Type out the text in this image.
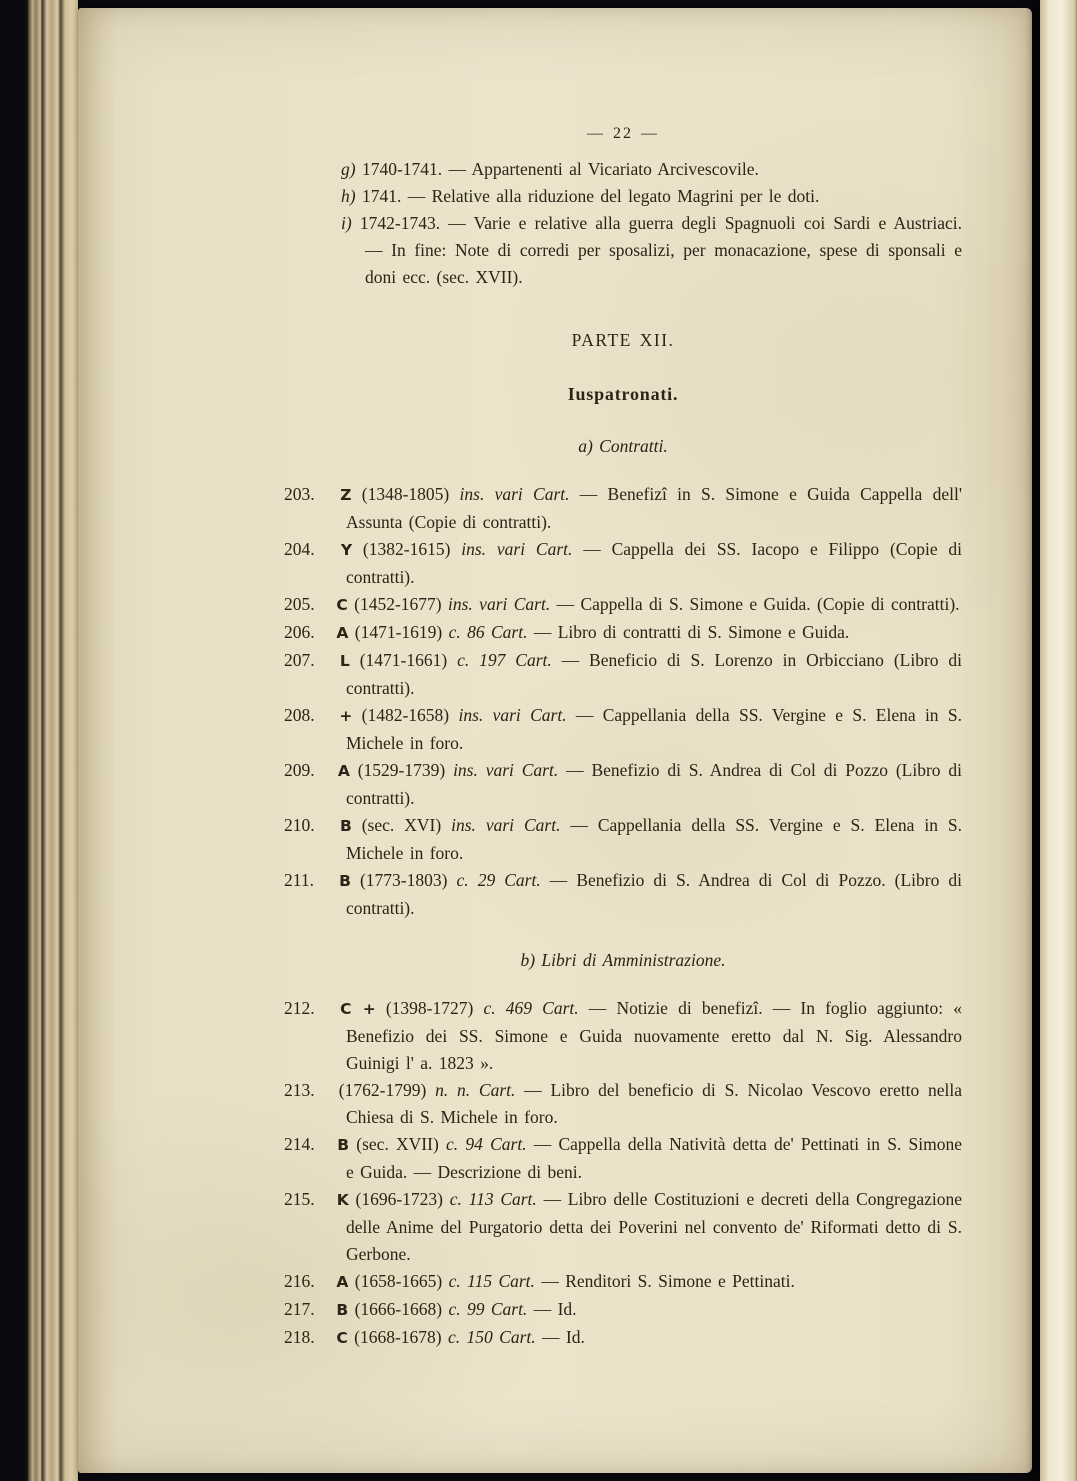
— 22 —
g) 1740-1741. — Appartenenti al Vicariato Arcivescovile.
h) 1741. — Relative alla riduzione del legato Magrini per le doti.
i) 1742-1743. — Varie e relative alla guerra degli Spagnuoli coi Sardi e Austriaci. — In fine: Note di corredi per sposalizi, per monacazione, spese di sponsali e doni ecc. (sec. XVII).
PARTE XII.
Iuspatronati.
a) Contratti.
203. Z (1348-1805) ins. vari Cart. — Benefizî in S. Simone e Guida Cappella dell' Assunta (Copie di contratti).
204. Y (1382-1615) ins. vari Cart. — Cappella dei SS. Iacopo e Filippo (Copie di contratti).
205. C (1452-1677) ins. vari Cart. — Cappella di S. Simone e Guida. (Copie di contratti).
206. A (1471-1619) c. 86 Cart. — Libro di contratti di S. Simone e Guida.
207. L (1471-1661) c. 197 Cart. — Beneficio di S. Lorenzo in Orbicciano (Libro di contratti).
208. + (1482-1658) ins. vari Cart. — Cappellania della SS. Vergine e S. Elena in S. Michele in foro.
209. A (1529-1739) ins. vari Cart. — Benefizio di S. Andrea di Col di Pozzo (Libro di contratti).
210. B (sec. XVI) ins. vari Cart. — Cappellania della SS. Vergine e S. Elena in S. Michele in foro.
211. B (1773-1803) c. 29 Cart. — Benefizio di S. Andrea di Col di Pozzo. (Libro di contratti).
b) Libri di Amministrazione.
212. C + (1398-1727) c. 469 Cart. — Notizie di benefizî. — In foglio aggiunto: « Benefizio dei SS. Simone e Guida nuovamente eretto dal N. Sig. Alessandro Guinigi l' a. 1823 ».
213. (1762-1799) n. n. Cart. — Libro del beneficio di S. Nicolao Vescovo eretto nella Chiesa di S. Michele in foro.
214. B (sec. XVII) c. 94 Cart. — Cappella della Natività detta de' Pettinati in S. Simone e Guida. — Descrizione di beni.
215. K (1696-1723) c. 113 Cart. — Libro delle Costituzioni e decreti della Congregazione delle Anime del Purgatorio detta dei Poverini nel convento de' Riformati detto di S. Gerbone.
216. A (1658-1665) c. 115 Cart. — Renditori S. Simone e Pettinati.
217. B (1666-1668) c. 99 Cart. — Id.
218. C (1668-1678) c. 150 Cart. — Id.
